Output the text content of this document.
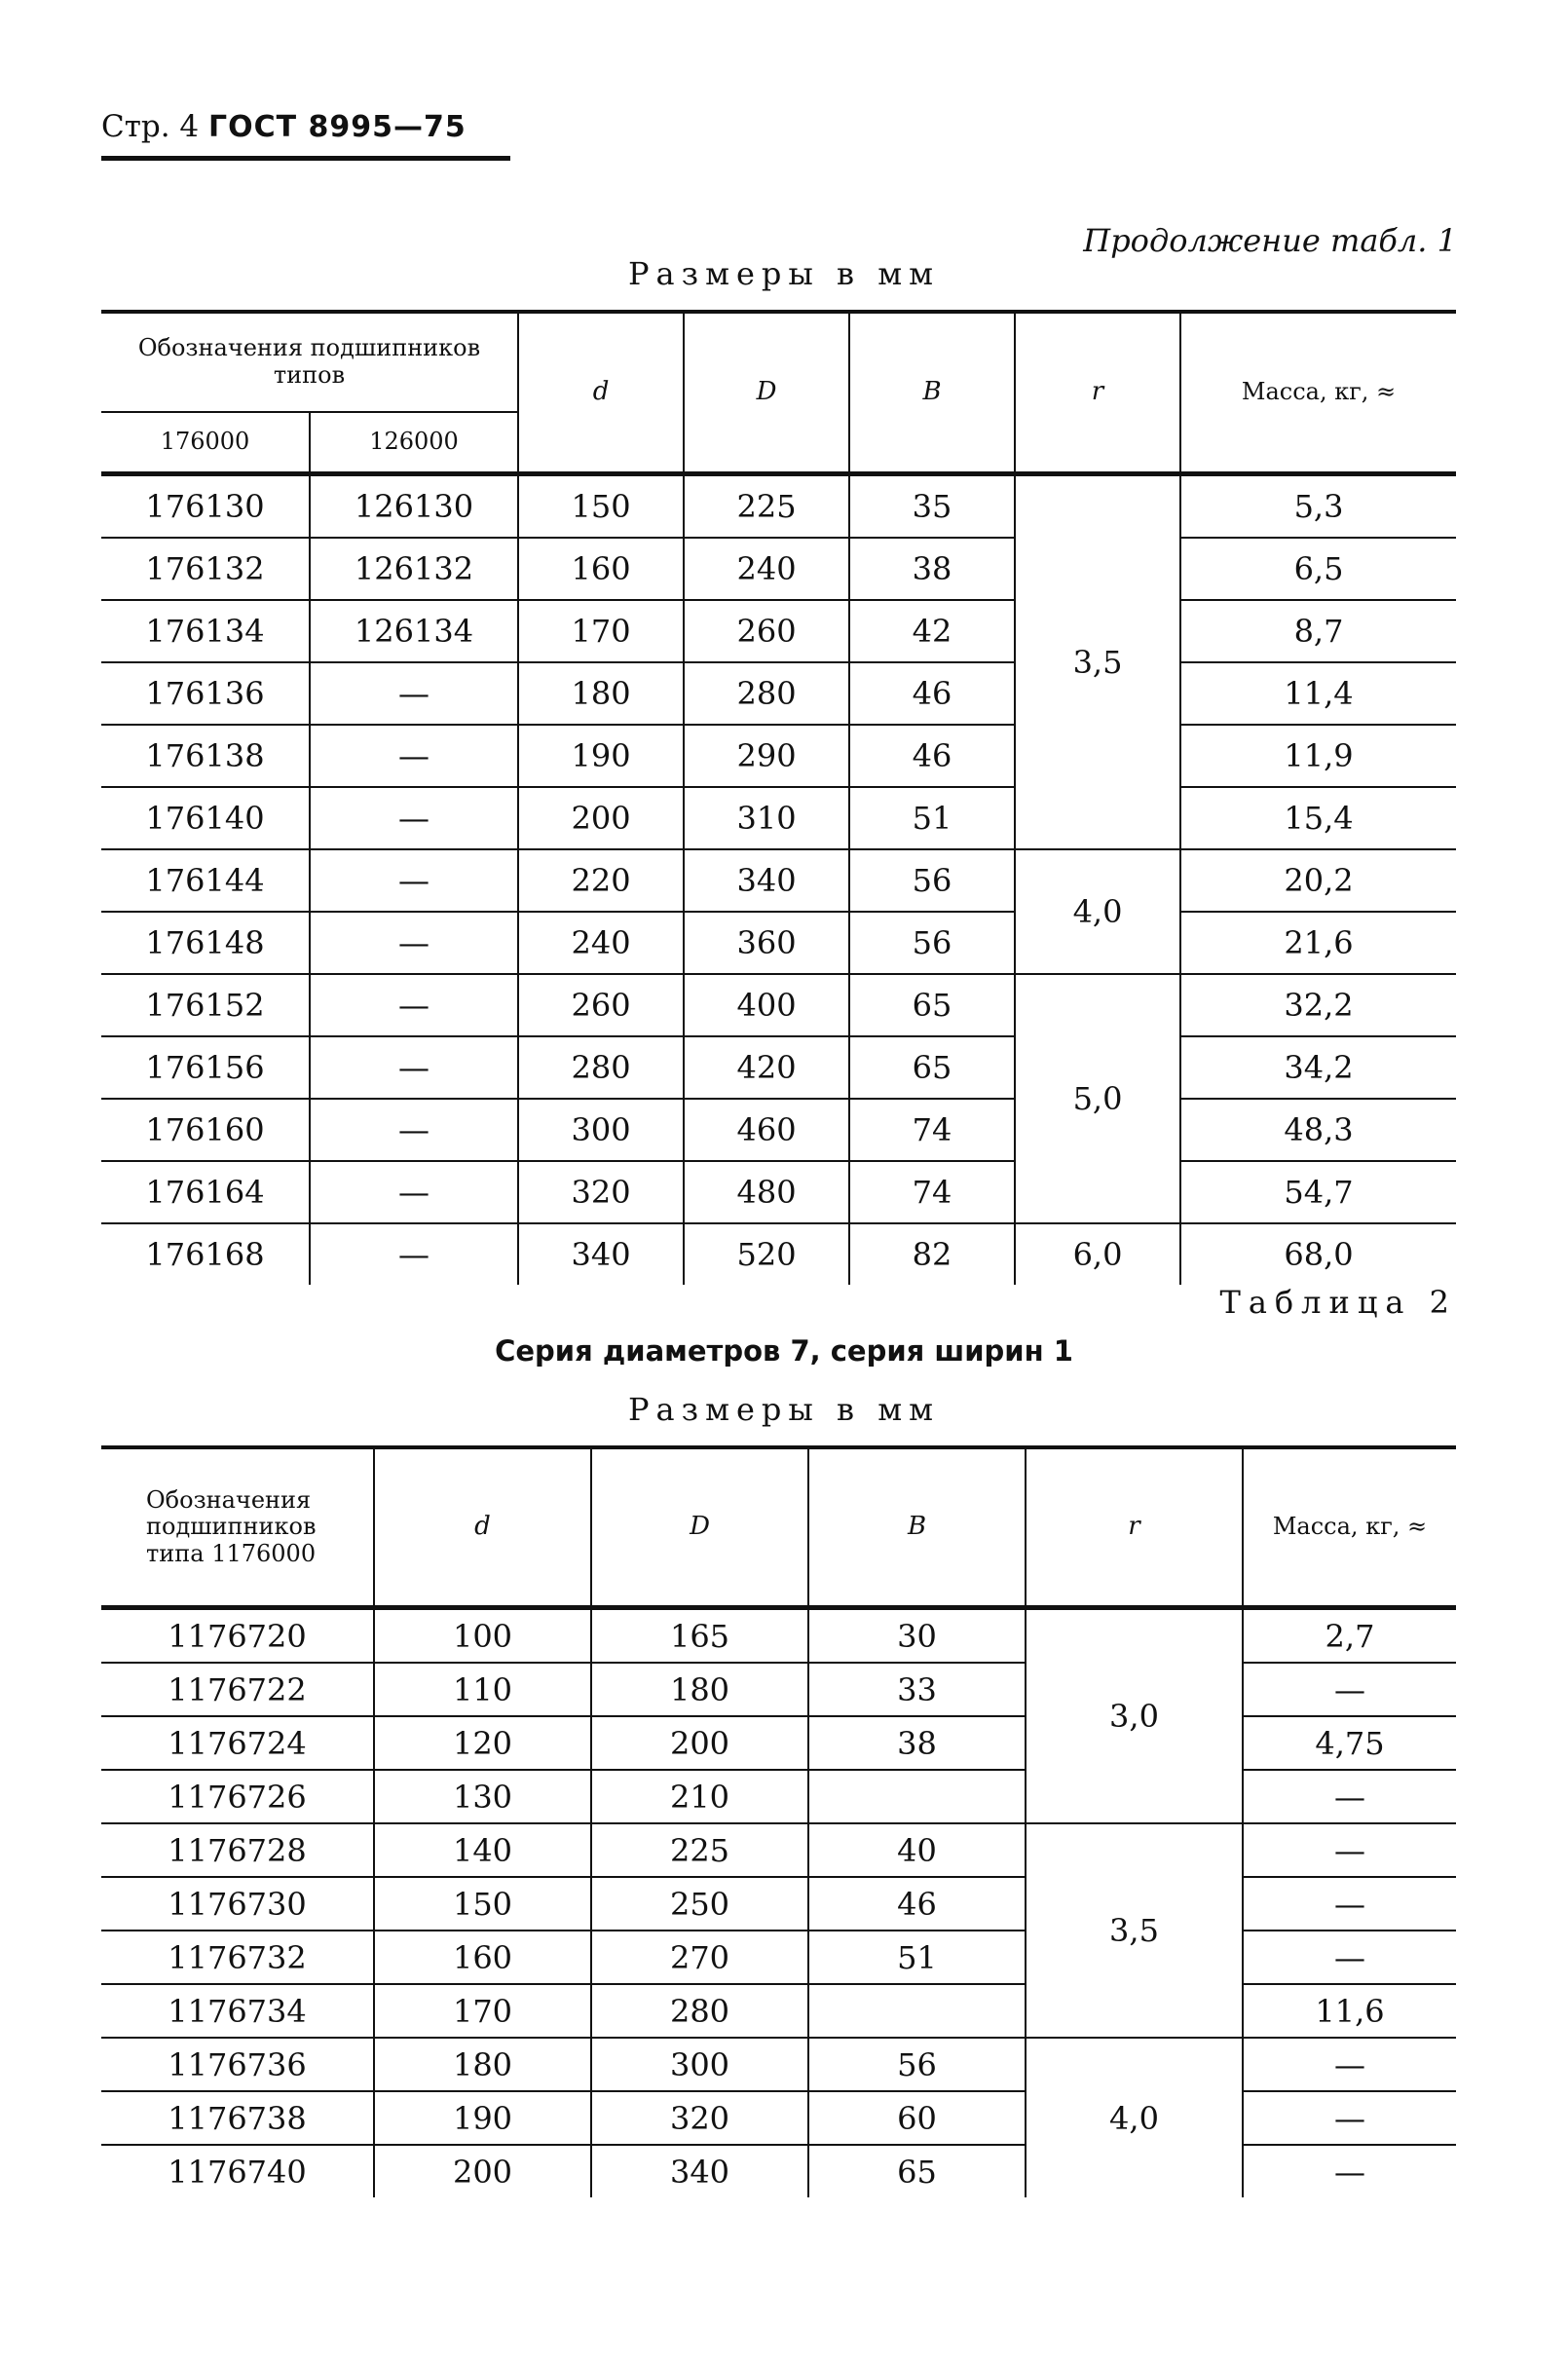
Стр. 4 ГОСТ 8995—75
Продолжение табл. 1
Размеры в мм
Обозначения подшипников типов		d	D	B	r	Масса, кг, ≈
176000	126000					
176130	126130	150	225	35	3,5	5,3
176132	126132	160	240	38		6,5
176134	126134	170	260	42		8,7
176136	—	180	280	46		11,4
176138	—	190	290	46		11,9
176140	—	200	310	51		15,4
176144	—	220	340	56	4,0	20,2
176148	—	240	360	56		21,6
176152	—	260	400	65	5,0	32,2
176156	—	280	420	65		34,2
176160	—	300	460	74		48,3
176164	—	320	480	74		54,7
176168	—	340	520	82	6,0	68,0
Таблица 2
Серия диаметров 7, серия ширин 1
Размеры в мм
Обозначения подшипников типа 1176000	d	D	B	r	Масса, кг, ≈
1176720	100	165	30	3,0	2,7
1176722	110	180	33		—
1176724	120	200	38		4,75
1176726	130	210			—
1176728	140	225	40	3,5	—
1176730	150	250	46		—
1176732	160	270	51		—
1176734	170	280			11,6
1176736	180	300	56	4,0	—
1176738	190	320	60		—
1176740	200	340	65		—
